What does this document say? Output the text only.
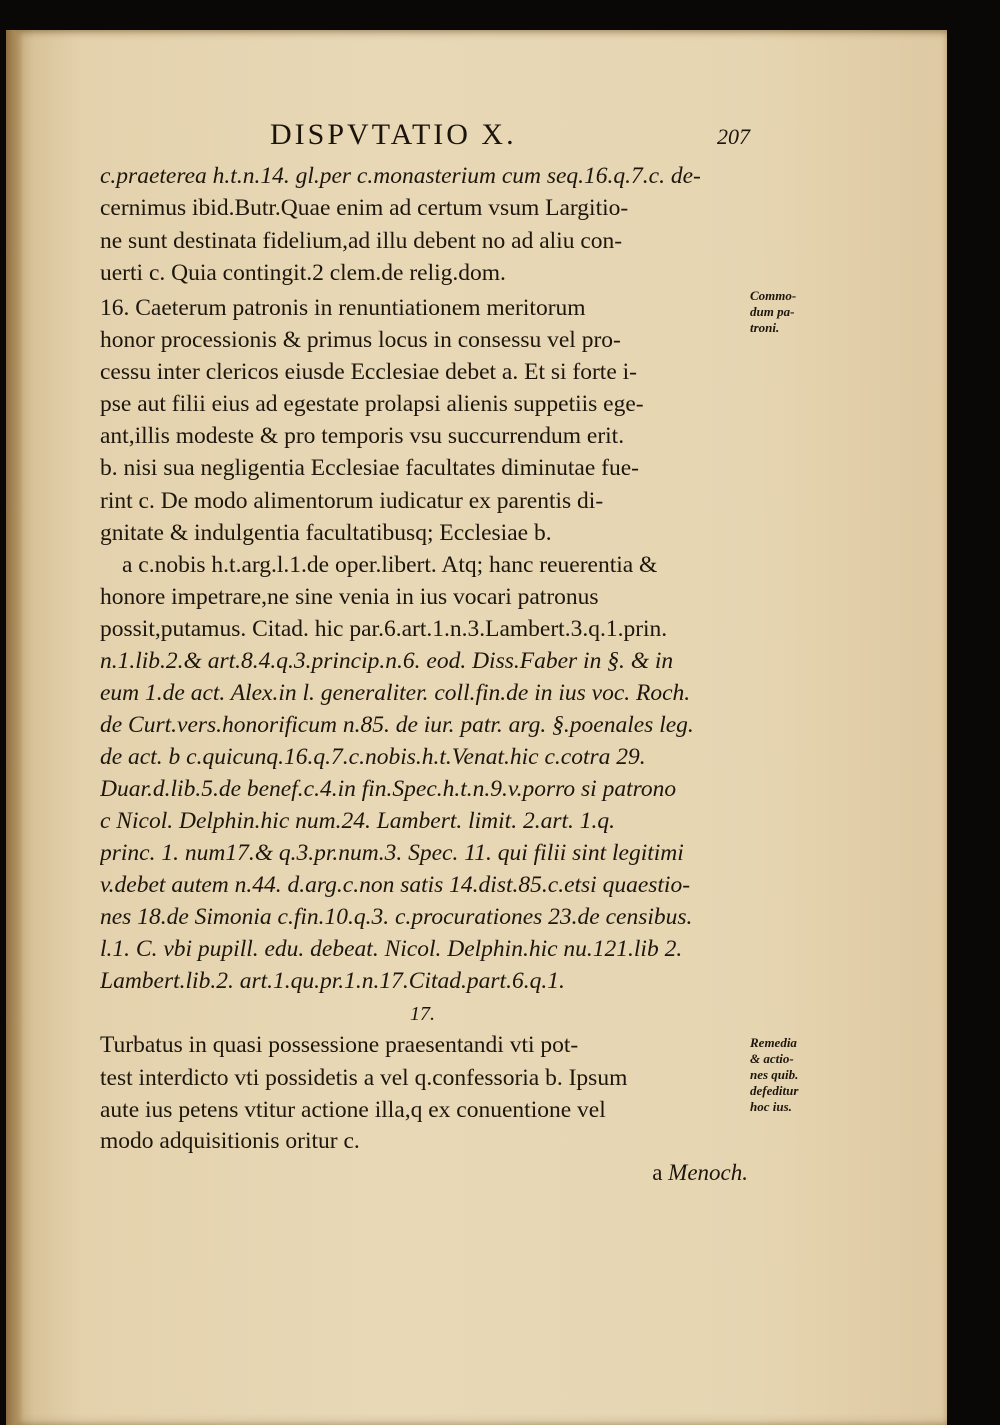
DISPVTATIO X.	207
c.praeterea h.t.n.14. gl.per c.monasterium cum seq.16.q.7.c. de-
cernimus ibid.Butr.Quae enim ad certum vsum Largitio-
ne sunt destinata fidelium,ad illu debent no ad aliu con-
uerti c. Quia contingit.2 clem.de relig.dom.
16. Caeterum patronis in renuntiationem meritorum
honor processionis & primus locus in consessu vel pro-
cessu inter clericos eiusde Ecclesiae debet a. Et si forte i-
pse aut filii eius ad egestate prolapsi alienis suppetiis ege-
ant,illis modeste & pro temporis vsu succurrendum erit.
b. nisi sua negligentia Ecclesiae facultates diminutae fue-
rint c. De modo alimentorum iudicatur ex parentis di-
gnitate & indulgentia facultatibusq; Ecclesiae b.
a c.nobis h.t.arg.l.1.de oper.libert. Atq; hanc reuerentia &
honore impetrare,ne sine venia in ius vocari patronus
possit,putamus. Citad. hic par.6.art.1.n.3.Lambert.3.q.1.prin.
n.1.lib.2.& art.8.4.q.3.princip.n.6. eod. Diss.Faber in §. & in
eum 1.de act. Alex.in l. generaliter. coll.fin.de in ius voc. Roch.
de Curt.vers.honorificum n.85. de iur. patr. arg. §.poenales leg.
de act. b c.quicunq.16.q.7.c.nobis.h.t.Venat.hic c.cotra 29.
Duar.d.lib.5.de benef.c.4.in fin.Spec.h.t.n.9.v.porro si patrono
c Nicol. Delphin.hic num.24. Lambert. limit. 2.art. 1.q.
princ. 1. num17.& q.3.pr.num.3. Spec. 11. qui filii sint legitimi
v.debet autem n.44. d.arg.c.non satis 14.dist.85.c.etsi quaestio-
nes 18.de Simonia c.fin.10.q.3. c.procurationes 23.de censibus.
l.1. C. vbi pupill. edu. debeat. Nicol. Delphin.hic nu.121.lib 2.
Lambert.lib.2. art.1.qu.pr.1.n.17.Citad.part.6.q.1.
17.
Turbatus in quasi possessione praesentandi vti pot-
test interdicto vti possidetis a vel q.confessoria b. Ipsum
aute ius petens vtitur actione illa,q ex conuentione vel
modo adquisitionis oritur c.
a Menoch.
Commo-
dum pa-
troni.
Remedia
& actio-
nes quib.
defeditur
hoc ius.
